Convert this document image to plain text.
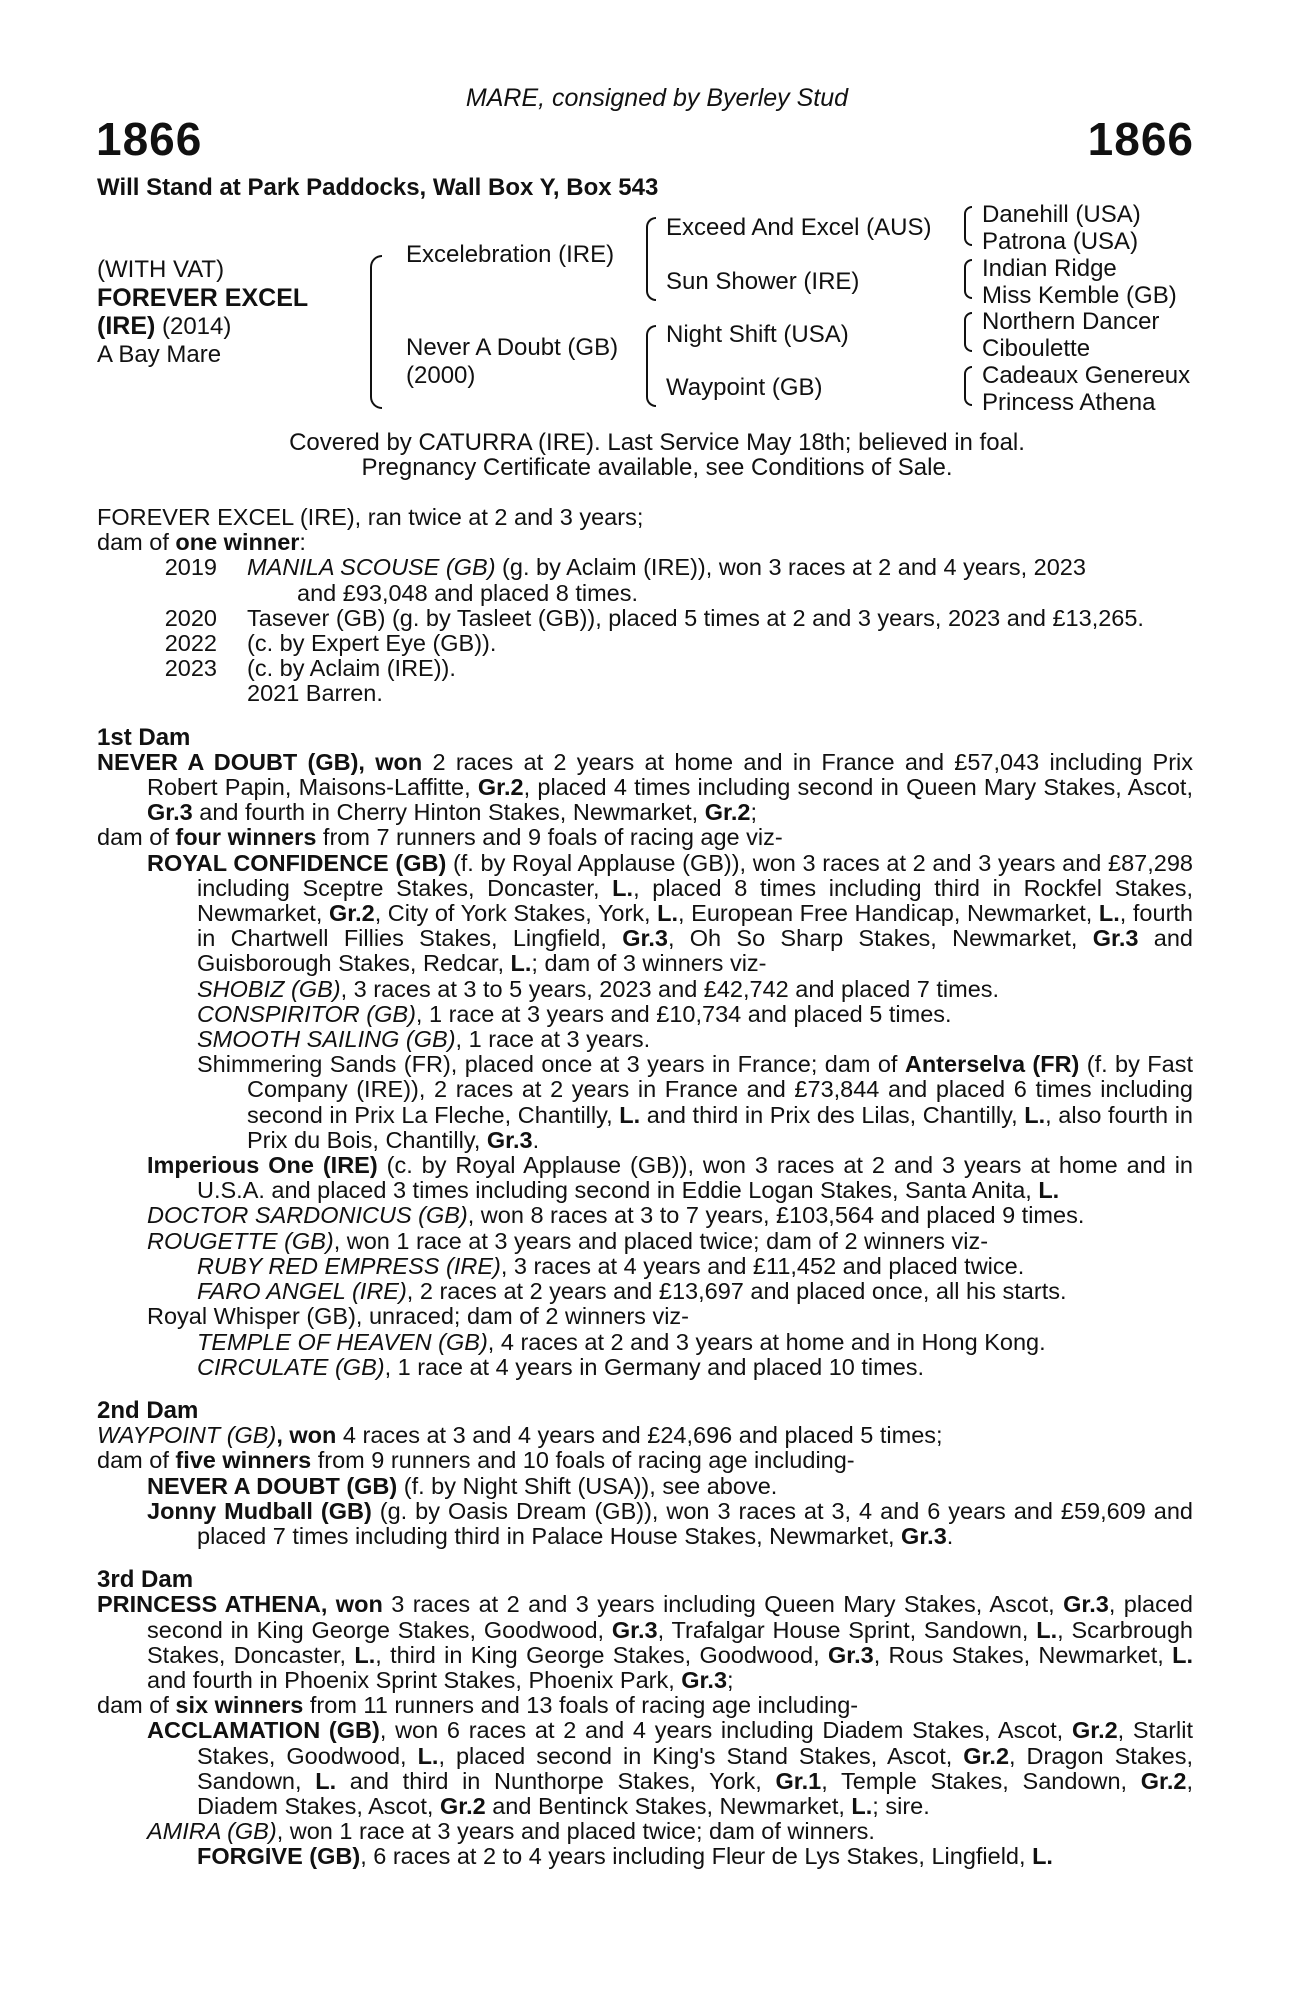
MARE, consigned by Byerley Stud
1866	1866
Will Stand at Park Paddocks, Wall Box Y, Box 543
(WITH VAT)
FOREVER EXCEL
(IRE) (2014)
A Bay Mare
Excelebration (IRE)
Never A Doubt (GB)
(2000)
Exceed And Excel (AUS)
Sun Shower (IRE)
Night Shift (USA)
Waypoint (GB)
Danehill (USA)
Patrona (USA)
Indian Ridge
Miss Kemble (GB)
Northern Dancer
Ciboulette
Cadeaux Genereux
Princess Athena
Covered by CATURRA (IRE). Last Service May 18th; believed in foal.
Pregnancy Certificate available, see Conditions of Sale.

FOREVER EXCEL (IRE), ran twice at 2 and 3 years;

dam of one winner:

2019 MANILA SCOUSE (GB) (g. by Aclaim (IRE)), won 3 races at 2 and 4 years, 2023
and £93,048 and placed 8 times.
2020 Tasever (GB) (g. by Tasleet (GB)), placed 5 times at 2 and 3 years, 2023 and £13,265.
2022 (c. by Expert Eye (GB)).
2023 (c. by Aclaim (IRE)).
2021 Barren.

1st Dam

NEVER A DOUBT (GB), won 2 races at 2 years at home and in France and £57,043 including Prix Robert Papin, Maisons-Laffitte, Gr.2, placed 4 times including second in Queen Mary Stakes, Ascot, Gr.3 and fourth in Cherry Hinton Stakes, Newmarket, Gr.2;

dam of four winners from 7 runners and 9 foals of racing age viz-

ROYAL CONFIDENCE (GB) (f. by Royal Applause (GB)), won 3 races at 2 and 3 years and £87,298 including Sceptre Stakes, Doncaster, L., placed 8 times including third in Rockfel Stakes, Newmarket, Gr.2, City of York Stakes, York, L., European Free Handicap, Newmarket, L., fourth in Chartwell Fillies Stakes, Lingfield, Gr.3, Oh So Sharp Stakes, Newmarket, Gr.3 and Guisborough Stakes, Redcar, L.; dam of 3 winners viz-

SHOBIZ (GB), 3 races at 3 to 5 years, 2023 and £42,742 and placed 7 times.

CONSPIRITOR (GB), 1 race at 3 years and £10,734 and placed 5 times.

SMOOTH SAILING (GB), 1 race at 3 years.

Shimmering Sands (FR), placed once at 3 years in France; dam of Anterselva (FR) (f. by Fast Company (IRE)), 2 races at 2 years in France and £73,844 and placed 6 times including second in Prix La Fleche, Chantilly, L. and third in Prix des Lilas, Chantilly, L., also fourth in Prix du Bois, Chantilly, Gr.3.

Imperious One (IRE) (c. by Royal Applause (GB)), won 3 races at 2 and 3 years at home and in U.S.A. and placed 3 times including second in Eddie Logan Stakes, Santa Anita, L.

DOCTOR SARDONICUS (GB), won 8 races at 3 to 7 years, £103,564 and placed 9 times.

ROUGETTE (GB), won 1 race at 3 years and placed twice; dam of 2 winners viz-

RUBY RED EMPRESS (IRE), 3 races at 4 years and £11,452 and placed twice.

FARO ANGEL (IRE), 2 races at 2 years and £13,697 and placed once, all his starts.

Royal Whisper (GB), unraced; dam of 2 winners viz-

TEMPLE OF HEAVEN (GB), 4 races at 2 and 3 years at home and in Hong Kong.

CIRCULATE (GB), 1 race at 4 years in Germany and placed 10 times.

2nd Dam

WAYPOINT (GB), won 4 races at 3 and 4 years and £24,696 and placed 5 times;

dam of five winners from 9 runners and 10 foals of racing age including-

NEVER A DOUBT (GB) (f. by Night Shift (USA)), see above.

Jonny Mudball (GB) (g. by Oasis Dream (GB)), won 3 races at 3, 4 and 6 years and £59,609 and placed 7 times including third in Palace House Stakes, Newmarket, Gr.3.

3rd Dam

PRINCESS ATHENA, won 3 races at 2 and 3 years including Queen Mary Stakes, Ascot, Gr.3, placed second in King George Stakes, Goodwood, Gr.3, Trafalgar House Sprint, Sandown, L., Scarbrough Stakes, Doncaster, L., third in King George Stakes, Goodwood, Gr.3, Rous Stakes, Newmarket, L. and fourth in Phoenix Sprint Stakes, Phoenix Park, Gr.3;

dam of six winners from 11 runners and 13 foals of racing age including-

ACCLAMATION (GB), won 6 races at 2 and 4 years including Diadem Stakes, Ascot, Gr.2, Starlit Stakes, Goodwood, L., placed second in King's Stand Stakes, Ascot, Gr.2, Dragon Stakes, Sandown, L. and third in Nunthorpe Stakes, York, Gr.1, Temple Stakes, Sandown, Gr.2, Diadem Stakes, Ascot, Gr.2 and Bentinck Stakes, Newmarket, L.; sire.

AMIRA (GB), won 1 race at 3 years and placed twice; dam of winners.

FORGIVE (GB), 6 races at 2 to 4 years including Fleur de Lys Stakes, Lingfield, L.
